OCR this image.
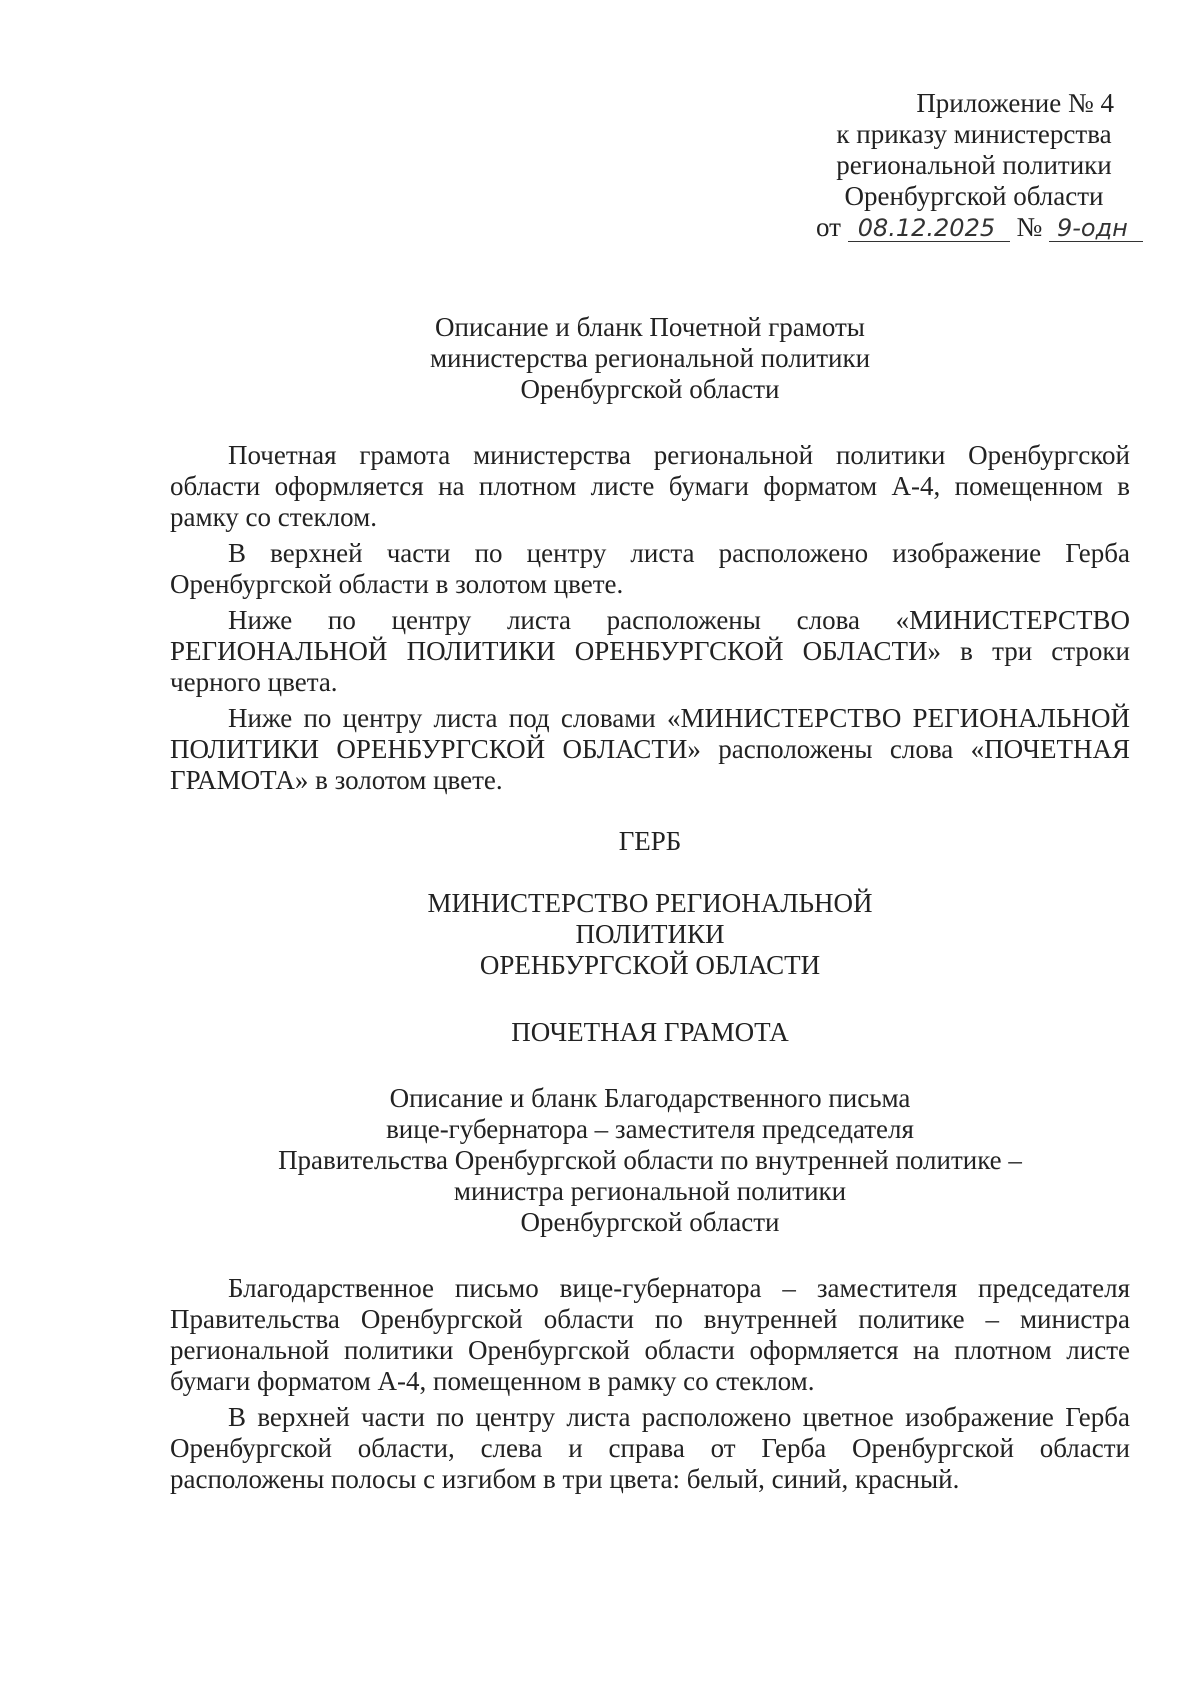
Приложение № 4
к приказу министерства
региональной политики
Оренбургской области
от 08.12.2025 № 9-одн
Описание и бланк Почетной грамоты
министерства региональной политики
Оренбургской области

Почетная грамота министерства региональной политики Оренбургской области оформляется на плотном листе бумаги форматом А-4, помещенном в рамку со стеклом.

В верхней части по центру листа расположено изображение Герба Оренбургской области в золотом цвете.

Ниже по центру листа расположены слова «МИНИСТЕРСТВО РЕГИОНАЛЬНОЙ ПОЛИТИКИ ОРЕНБУРГСКОЙ ОБЛАСТИ» в три строки черного цвета.

Ниже по центру листа под словами «МИНИСТЕРСТВО РЕГИОНАЛЬНОЙ ПОЛИТИКИ ОРЕНБУРГСКОЙ ОБЛАСТИ» расположены слова «ПОЧЕТНАЯ ГРАМОТА» в золотом цвете.

ГЕРБ
МИНИСТЕРСТВО РЕГИОНАЛЬНОЙ
ПОЛИТИКИ
ОРЕНБУРГСКОЙ ОБЛАСТИ
ПОЧЕТНАЯ ГРАМОТА
Описание и бланк Благодарственного письма
вице-губернатора – заместителя председателя
Правительства Оренбургской области по внутренней политике –
министра региональной политики
Оренбургской области

Благодарственное письмо вице-губернатора – заместителя председателя Правительства Оренбургской области по внутренней политике – министра региональной политики Оренбургской области оформляется на плотном листе бумаги форматом А-4, помещенном в рамку со стеклом.

В верхней части по центру листа расположено цветное изображение Герба Оренбургской области, слева и справа от Герба Оренбургской области расположены полосы с изгибом в три цвета: белый, синий, красный.
